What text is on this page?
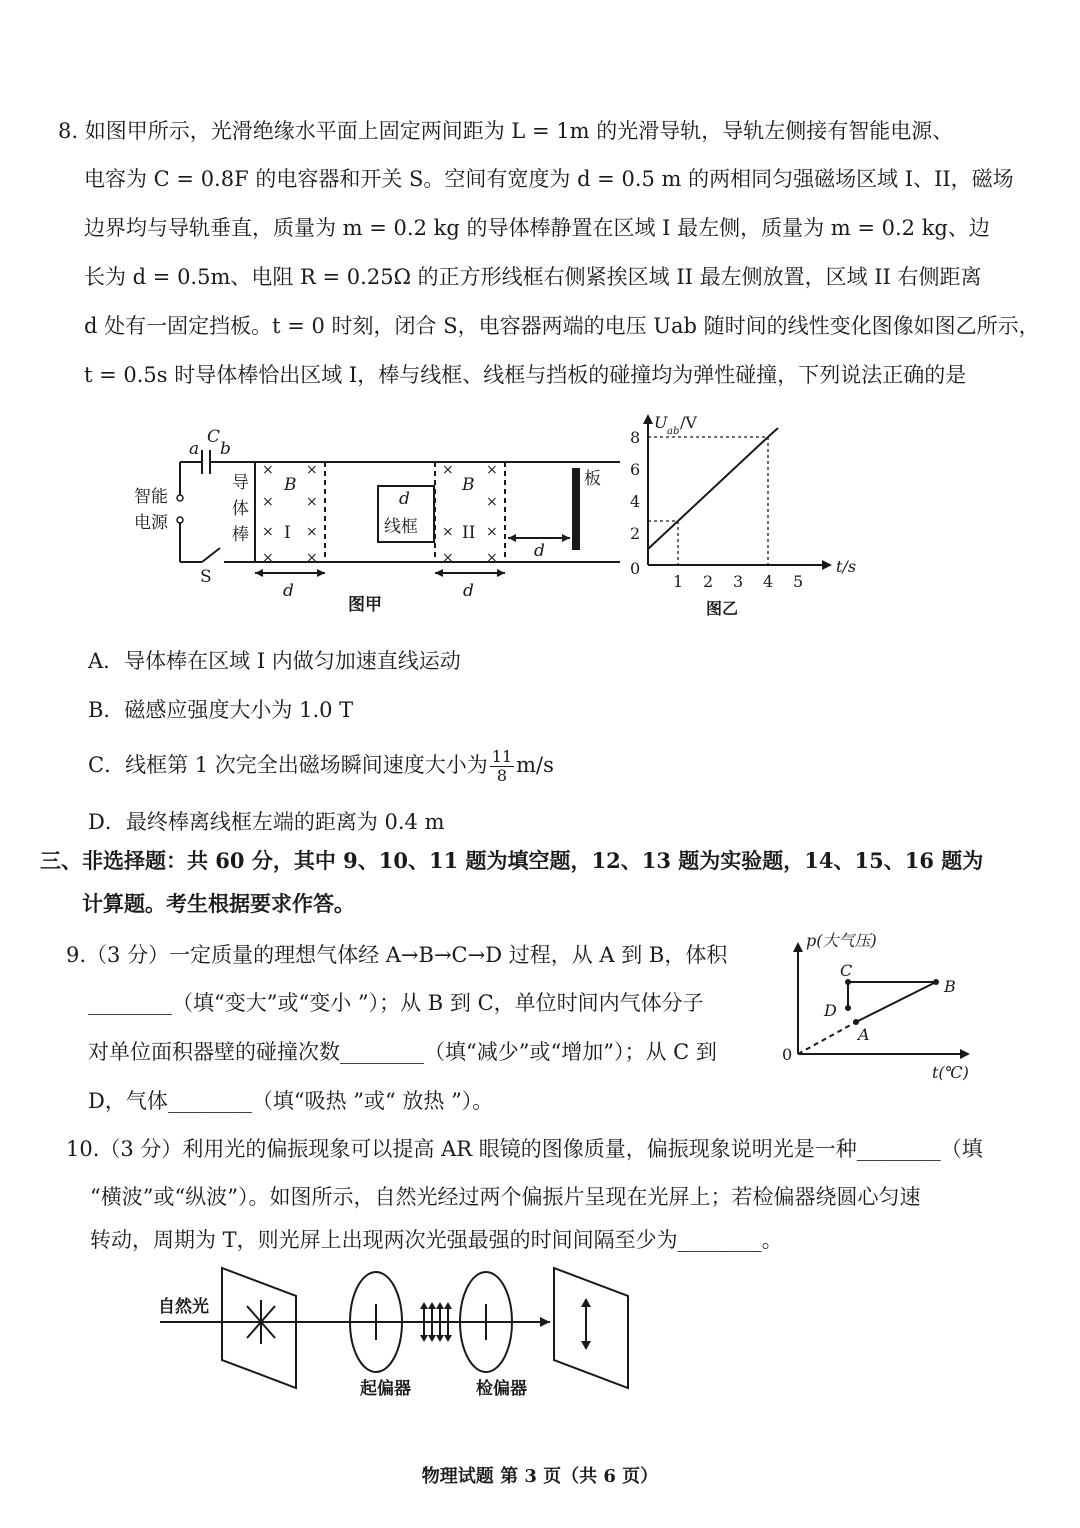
8. 如图甲所示，光滑绝缘水平面上固定两间距为 L = 1m 的光滑导轨，导轨左侧接有智能电源、
电容为 C = 0.8F 的电容器和开关 S。空间有宽度为 d = 0.5 m 的两相同匀强磁场区域 I、II，磁场
边界均与导轨垂直，质量为 m = 0.2 kg 的导体棒静置在区域 I 最左侧，质量为 m = 0.2 kg、边
长为 d = 0.5m、电阻 R = 0.25Ω 的正方形线框右侧紧挨区域 II 最左侧放置，区域 II 右侧距离
d 处有一固定挡板。t = 0 时刻，闭合 S，电容器两端的电压 Uab 随时间的线性变化图像如图乙所示，
t = 0.5s 时导体棒恰出区域 I，棒与线框、线框与挡板的碰撞均为弹性碰撞，下列说法正确的是
C
a b
智能
电源
S
导
体
棒
B
I
B
II
d
线框
板
d	d
d
图甲
× ×
× ×
× ×
× ×
× ×
×
× ×
× ×
U ab /V
t/s
0
图乙
2
4
6
8
1 2 3 4 5
A．导体棒在区域 I 内做匀加速直线运动
B．磁感应强度大小为 1.0 T
C．线框第 1 次完全出磁场瞬间速度大小为 $\frac{11}{8} m/s$
D．最终棒离线框左端的距离为 0.4 m
三、非选择题：共 60 分，其中 9、10、11 题为填空题，12、13 题为实验题，14、15、16 题为
计算题。考生根据要求作答。
9.（3 分）一定质量的理想气体经 A→B→C→D 过程，从 A 到 B，体积
________（填“变大”或“变小 ”）；从 B 到 C，单位时间内气体分子
对单位面积器壁的碰撞次数________（填“减少”或“增加”）；从 C 到
D，气体________（填“吸热 ”或“ 放热 ”）。
p(大气压)
t(℃)
0
A
B
C
D
10.（3 分）利用光的偏振现象可以提高 AR 眼镜的图像质量，偏振现象说明光是一种________（填
“横波”或“纵波”）。如图所示，自然光经过两个偏振片呈现在光屏上；若检偏器绕圆心匀速
转动，周期为 T，则光屏上出现两次光强最强的时间间隔至少为________。
自然光
起偏器	检偏器
物理试题 第 3 页（共 6 页）
